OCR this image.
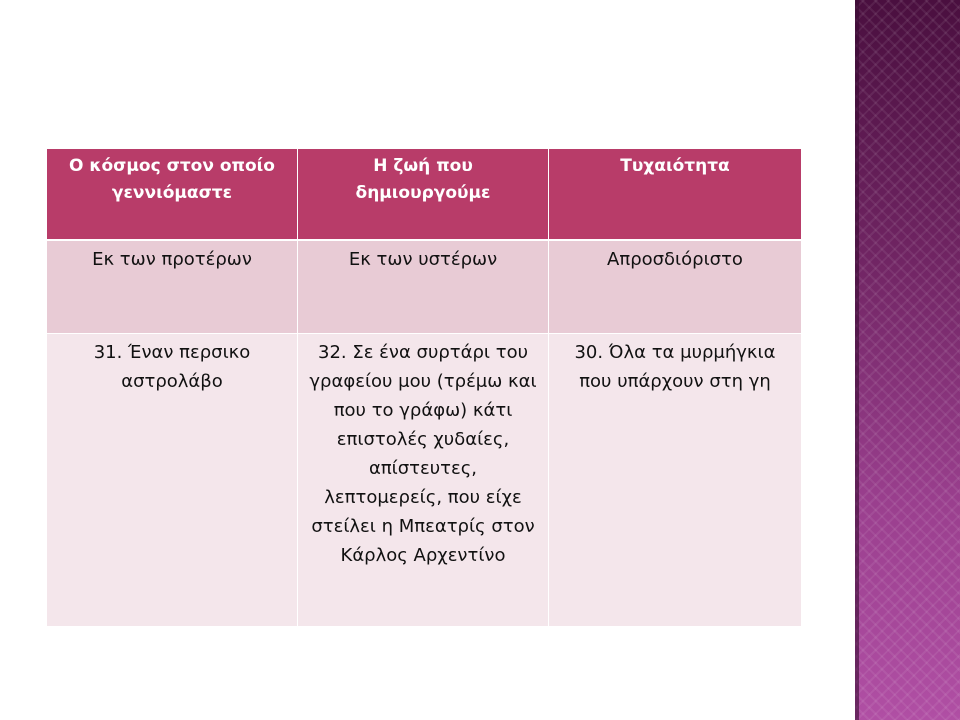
Ο κόσμος στον οποίο γεννιόμαστε	Η ζωή που δημιουργούμε	Τυχαιότητα
Εκ των προτέρων	Εκ των υστέρων	Απροσδιόριστο
31. Έναν περσικο αστρολάβο	32. Σε ένα συρτάρι του γραφείου μου (τρέμω και που το γράφω) κάτι επιστολές χυδαίες, απίστευτες, λεπτομερείς, που είχε στείλει η Μπεατρίς στον Κάρλος Αρχεντίνο	30. Όλα τα μυρμήγκια που υπάρχουν στη γη
